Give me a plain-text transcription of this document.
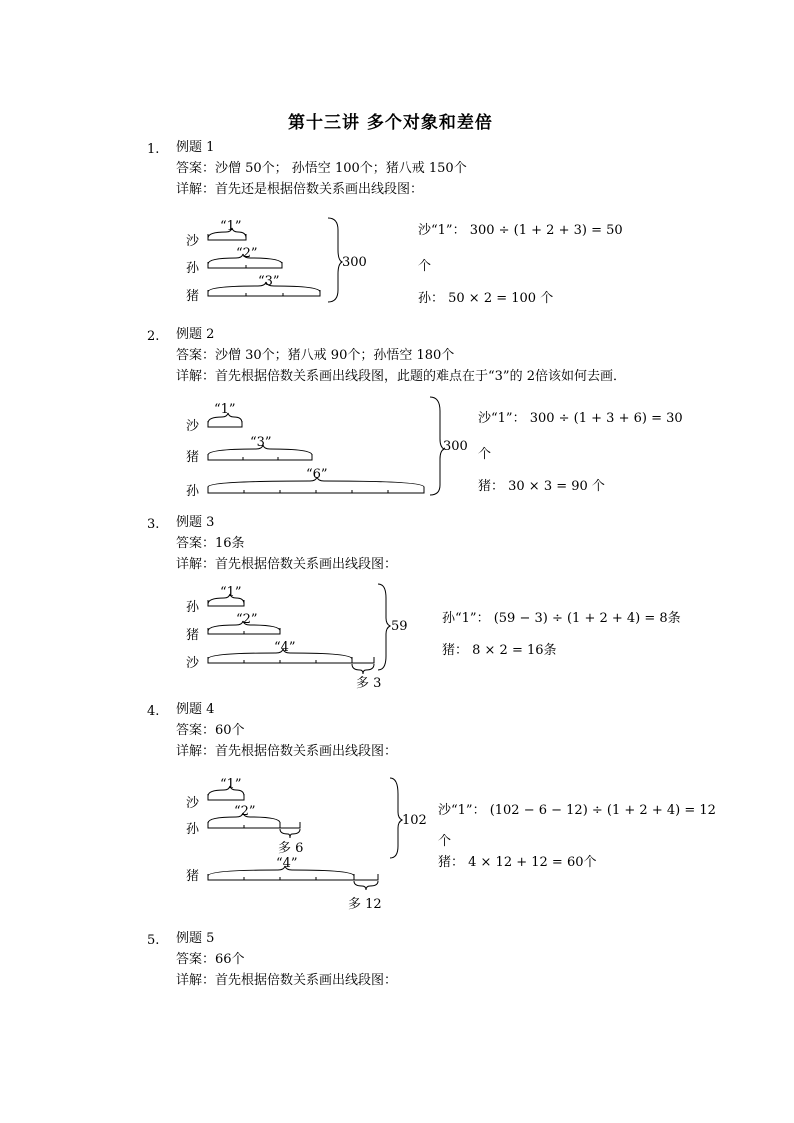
第十三讲 多个对象和差倍
1. 例题 1
答案：沙僧 50个； 孙悟空 100个；猪八戒 150个
详解：首先还是根据倍数关系画出线段图：
沙
孙
猪
“1”
“2”
“3”
300
沙“1”： 300 ÷ (1 + 2 + 3) = 50
个
孙： 50 × 2 = 100 个
2. 例题 2
答案：沙僧 30个；猪八戒 90个；孙悟空 180个
详解：首先根据倍数关系画出线段图，此题的难点在于“3”的 2倍该如何去画．
沙
猪
孙
“1”
“3”
“6”
300
沙“1”： 300 ÷ (1 + 3 + 6) = 30
个
猪： 30 × 3 = 90 个
3. 例题 3
答案：16条
详解：首先根据倍数关系画出线段图：
孙
猪
沙
“1”
“2”
“4”
多 3
59
孙“1”： (59 − 3) ÷ (1 + 2 + 4) = 8条
猪： 8 × 2 = 16条
4. 例题 4
答案：60个
详解：首先根据倍数关系画出线段图：
沙
孙
猪
“1”
“2”
“4”
多 6
多 12
102
沙“1”： (102 − 6 − 12) ÷ (1 + 2 + 4) = 12
个
猪： 4 × 12 + 12 = 60个
5. 例题 5
答案：66个
详解：首先根据倍数关系画出线段图：
